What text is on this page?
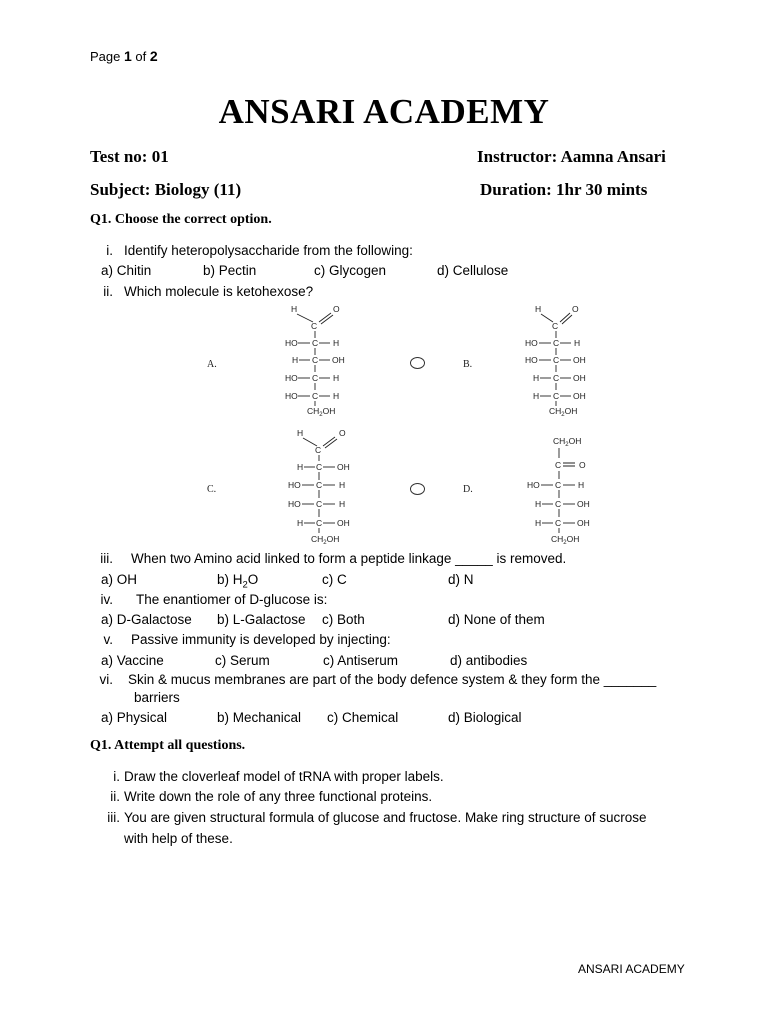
Page 1 of 2
ANSARI ACADEMY
Test no: 01	Instructor: Aamna Ansari
Subject: Biology (11)	Duration: 1hr 30 mints
Q1. Choose the correct option.
i. Identify heteropolysaccharide from the following:
a) Chitin	b) Pectin	c) Glycogen	d) Cellulose
ii. Which molecule is ketohexose?
A.
H	O
C
HO C H
H C OH
HO C H
HO C H
$CH_2OH$
B.
H	O
C
HO C H
HO C OH
H C OH
H C OH
$CH_2OH$
C.
H	O
C
H C OH
HO C H
HO C H
H C OH
$CH_2OH$
D.
$CH_2OH$
C O
HO C H
H C OH
H C OH
$CH_2OH$
iii. When two Amino acid linked to form a peptide linkage _____ is removed.
a) OH	b) $H_2O$	c) C	d) N
iv. The enantiomer of D-glucose is:
a) D-Galactose b) L-Galactose c) Both	d) None of them
v. Passive immunity is developed by injecting:
a) Vaccine	c) Serum	c) Antiserum	d) antibodies
vi. Skin & mucus membranes are part of the body defence system & they form the _______
barriers
a) Physical	b) Mechanical c) Chemical	d) Biological
Q1. Attempt all questions.
i. Draw the cloverleaf model of tRNA with proper labels.
ii. Write down the role of any three functional proteins.
iii. You are given structural formula of glucose and fructose. Make ring structure of sucrose
with help of these.
ANSARI ACADEMY
